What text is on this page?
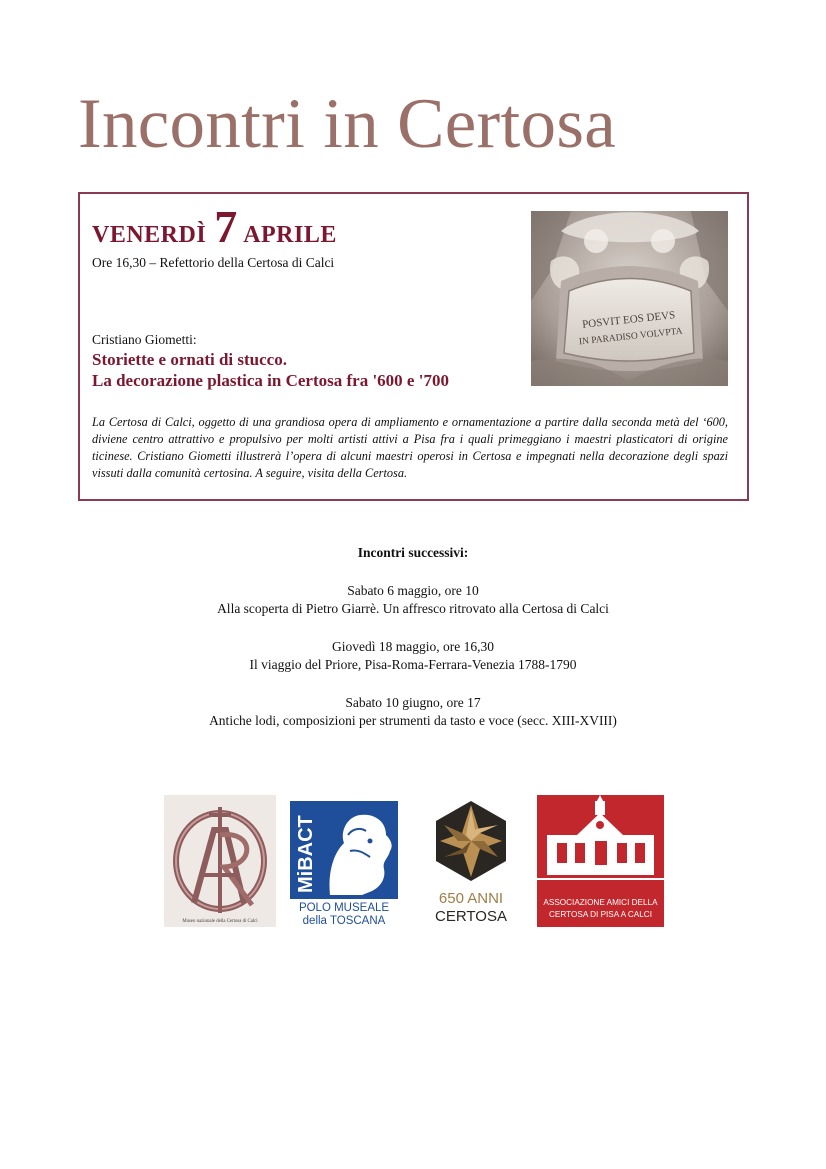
Incontri in Certosa
VENERDÌ 7 APRILE
Ore 16,30 – Refettorio della Certosa di Calci
Cristiano Giometti:
Storiette e ornati di stucco.
La decorazione plastica in Certosa fra '600 e '700
POSVIT EOS DEVS
IN PARADISO VOLVPTA
La Certosa di Calci, oggetto di una grandiosa opera di ampliamento e ornamentazione a partire dalla seconda metà del ‘600, diviene centro attrattivo e propulsivo per molti artisti attivi a Pisa fra i quali primeggiano i maestri plasticatori di origine ticinese. Cristiano Giometti illustrerà l’opera di alcuni maestri operosi in Certosa e impegnati nella decorazione degli spazi vissuti dalla comunità certosina. A seguire, visita della Certosa.
Incontri successivi:
Sabato 6 maggio, ore 10
Alla scoperta di Pietro Giarrè. Un affresco ritrovato alla Certosa di Calci
Giovedì 18 maggio, ore 16,30
Il viaggio del Priore, Pisa-Roma-Ferrara-Venezia 1788-1790
Sabato 10 giugno, ore 17
Antiche lodi, composizioni per strumenti da tasto e voce (secc. XIII-XVIII)
Museo nazionale della Certosa di Calci
MiBACT
POLO MUSEALE
della TOSCANA
650 ANNI
CERTOSA
ASSOCIAZIONE AMICI DELLA
CERTOSA DI PISA A CALCI
